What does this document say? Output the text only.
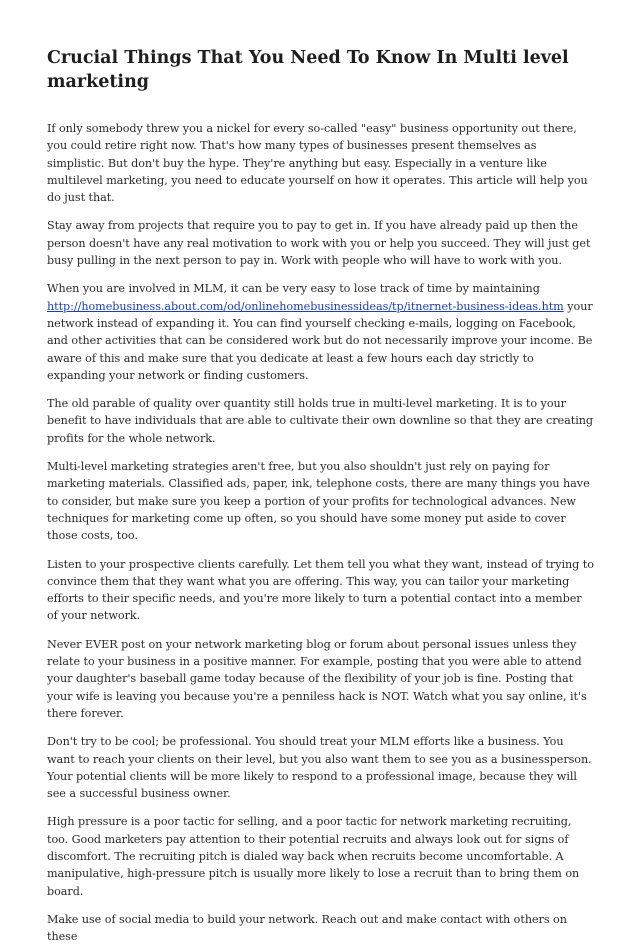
Crucial Things That You Need To Know In Multi level marketing

If only somebody threw you a nickel for every so-called "easy" business opportunity out there, you could retire right now. That's how many types of businesses present themselves as simplistic. But don't buy the hype. They're anything but easy. Especially in a venture like multilevel marketing, you need to educate yourself on how it operates. This article will help you do just that.

Stay away from projects that require you to pay to get in. If you have already paid up then the person doesn't have any real motivation to work with you or help you succeed. They will just get busy pulling in the next person to pay in. Work with people who will have to work with you.

When you are involved in MLM, it can be very easy to lose track of time by maintaining http://homebusiness.about.com/od/onlinehomebusinessideas/tp/itnernet-business-ideas.htm your network instead of expanding it. You can find yourself checking e-mails, logging on Facebook, and other activities that can be considered work but do not necessarily improve your income. Be aware of this and make sure that you dedicate at least a few hours each day strictly to expanding your network or finding customers.

The old parable of quality over quantity still holds true in multi-level marketing. It is to your benefit to have individuals that are able to cultivate their own downline so that they are creating profits for the whole network.

Multi-level marketing strategies aren't free, but you also shouldn't just rely on paying for marketing materials. Classified ads, paper, ink, telephone costs, there are many things you have to consider, but make sure you keep a portion of your profits for technological advances. New techniques for marketing come up often, so you should have some money put aside to cover those costs, too.

Listen to your prospective clients carefully. Let them tell you what they want, instead of trying to convince them that they want what you are offering. This way, you can tailor your marketing efforts to their specific needs, and you're more likely to turn a potential contact into a member of your network.

Never EVER post on your network marketing blog or forum about personal issues unless they relate to your business in a positive manner. For example, posting that you were able to attend your daughter's baseball game today because of the flexibility of your job is fine. Posting that your wife is leaving you because you're a penniless hack is NOT. Watch what you say online, it's there forever.

Don't try to be cool; be professional. You should treat your MLM efforts like a business. You want to reach your clients on their level, but you also want them to see you as a businessperson. Your potential clients will be more likely to respond to a professional image, because they will see a successful business owner.

High pressure is a poor tactic for selling, and a poor tactic for network marketing recruiting, too. Good marketers pay attention to their potential recruits and always look out for signs of discomfort. The recruiting pitch is dialed way back when recruits become uncomfortable. A manipulative, high-pressure pitch is usually more likely to lose a recruit than to bring them on board.

Make use of social media to build your network. Reach out and make contact with others on these
